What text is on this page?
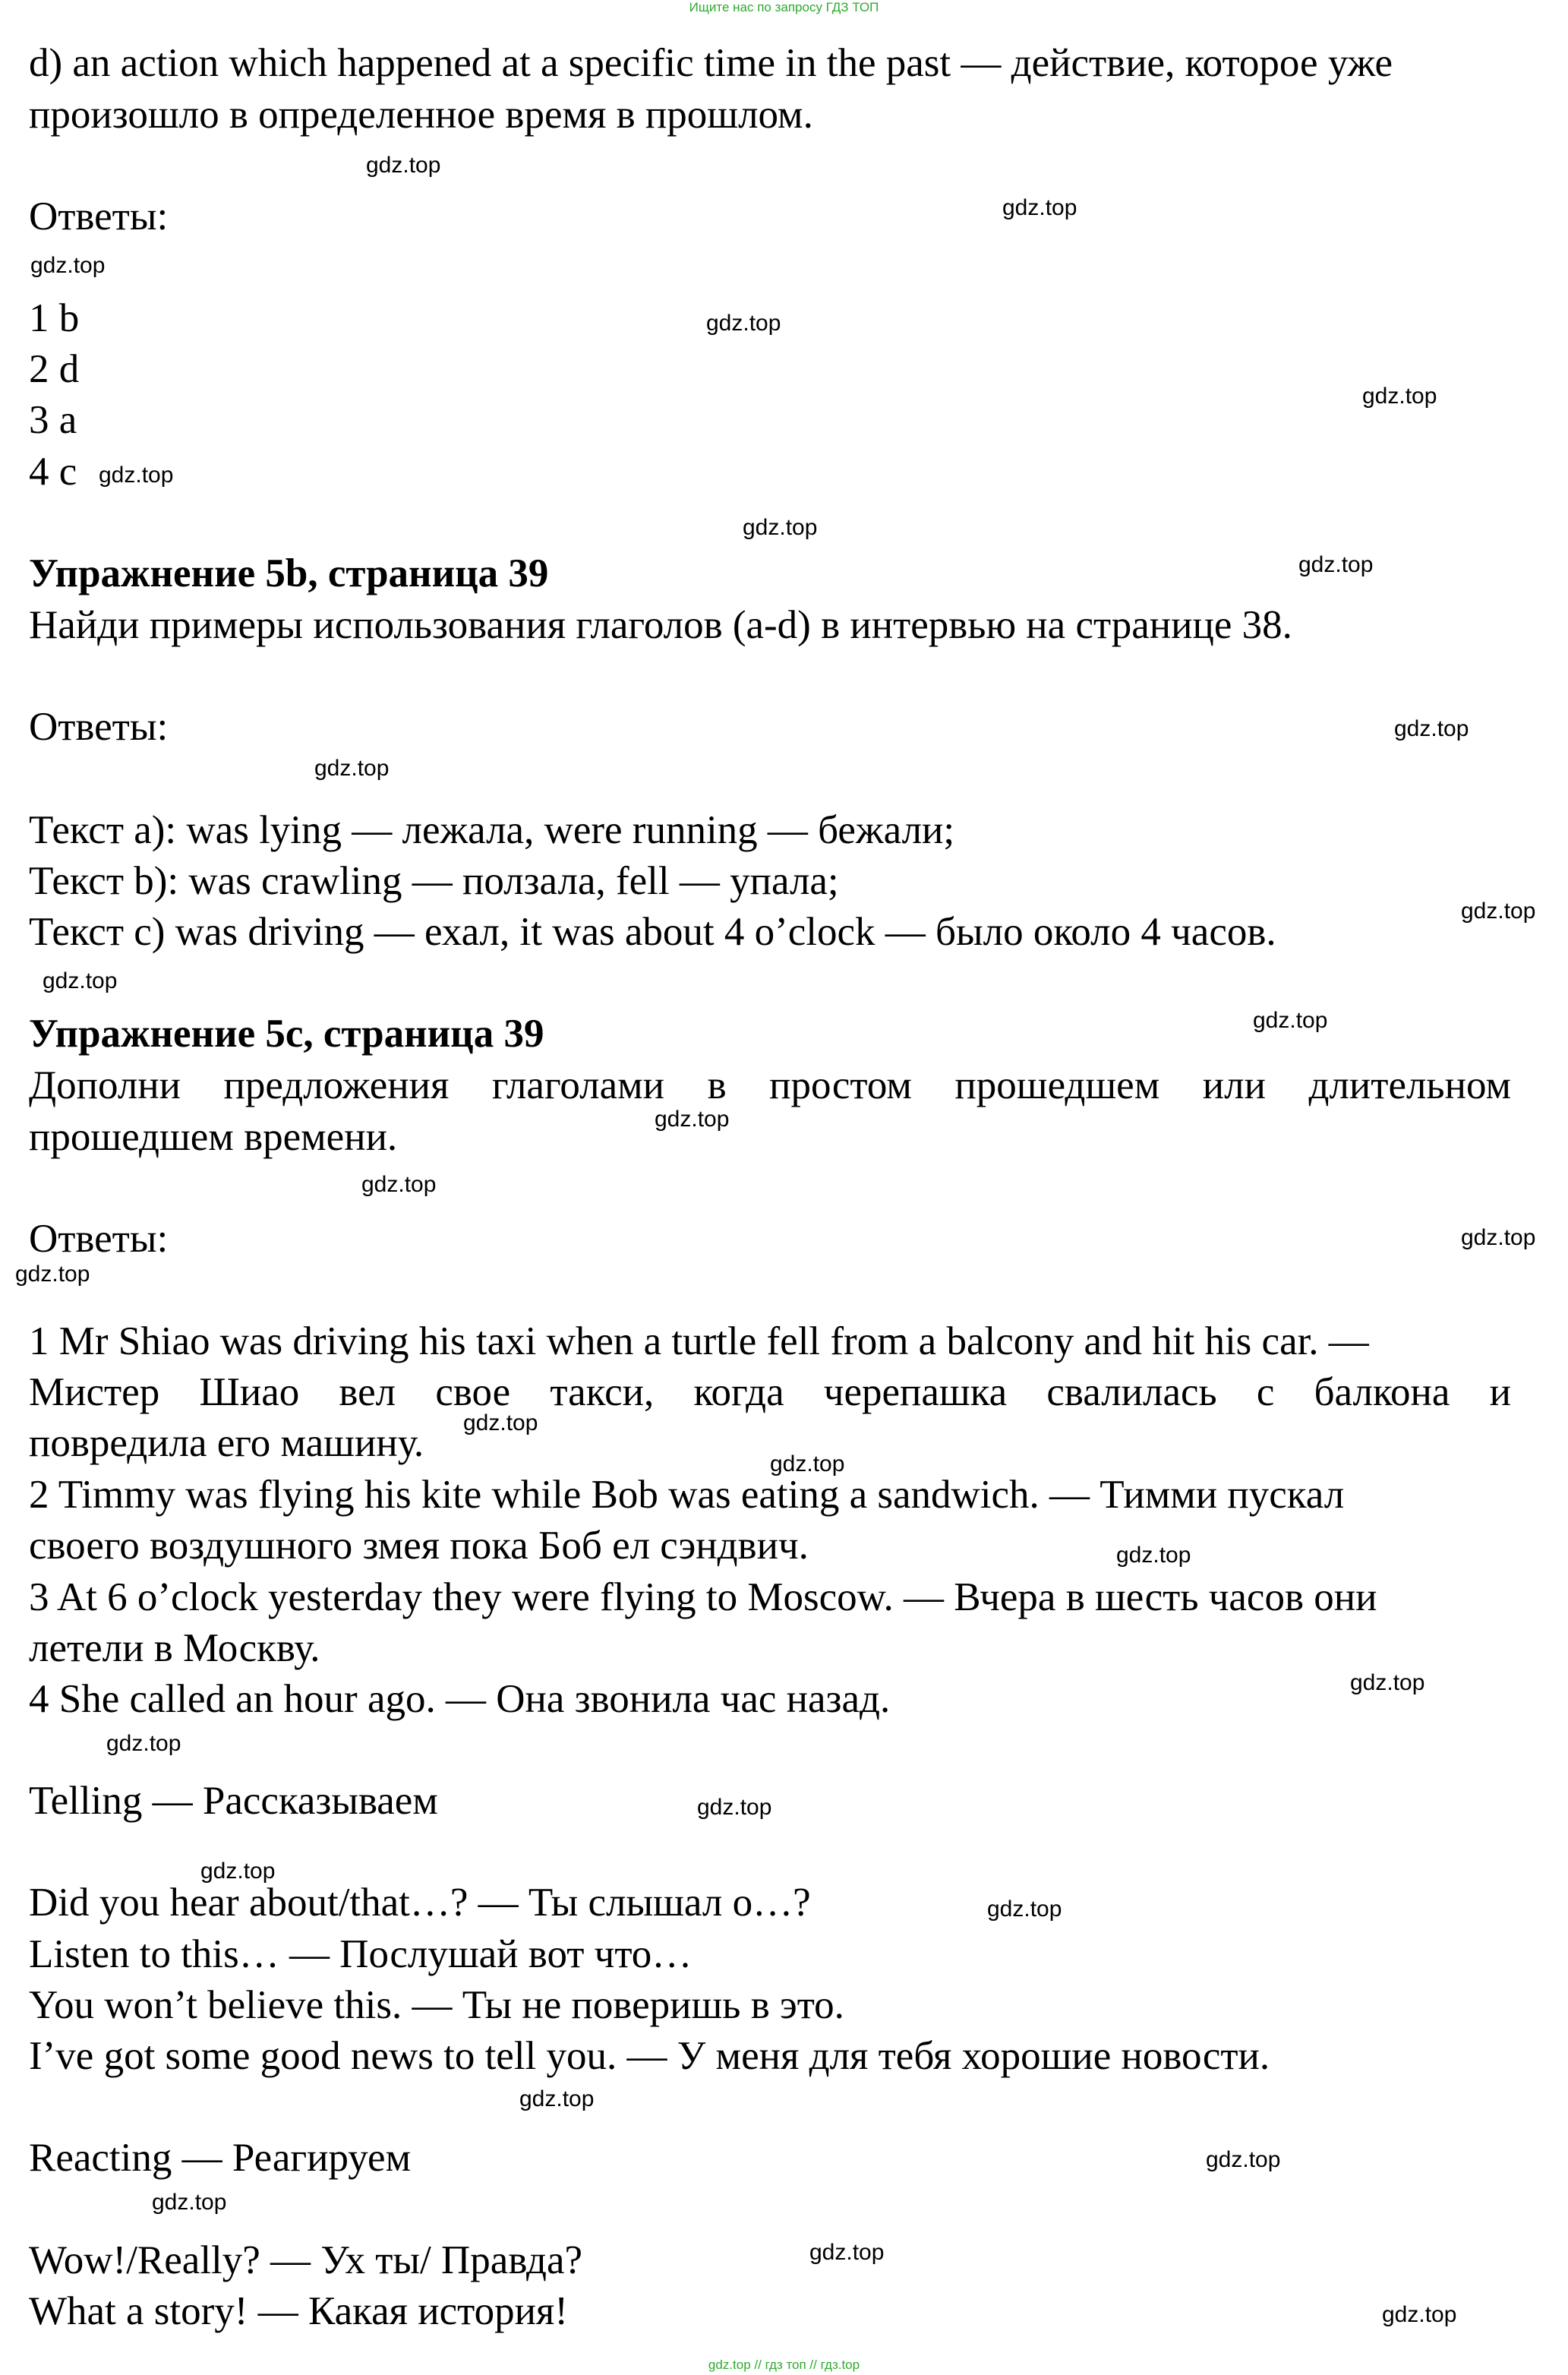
Ищите нас по запросу ГДЗ ТОП
d) an action which happened at a specific time in the past — действие, которое уже
произошло в определенное время в прошлом.
Ответы:
1 b
2 d
3 a
4 c
Упражнение 5b, страница 39
Найди примеры использования глаголов (a-d) в интервью на странице 38.
Ответы:
Текст a): was lying — лежала, were running — бежали;
Текст b): was crawling — ползала, fell — упала;
Текст c) was driving — ехал, it was about 4 o’clock — было около 4 часов.
Упражнение 5c, страница 39
Дополни предложения глаголами в простом прошедшем или длительном
прошедшем времени.
Ответы:
1 Mr Shiao was driving his taxi when a turtle fell from a balcony and hit his car. —
Мистер Шиао вел свое такси, когда черепашка свалилась с балкона и
повредила его машину.
2 Timmy was flying his kite while Bob was eating a sandwich. — Тимми пускал
своего воздушного змея пока Боб ел сэндвич.
3 At 6 o’clock yesterday they were flying to Moscow. — Вчера в шесть часов они
летели в Москву.
4 She called an hour ago. — Она звонила час назад.
Telling — Рассказываем
Did you hear about/that…? — Ты слышал о…?
Listen to this… — Послушай вот что…
You won’t believe this. — Ты не поверишь в это.
I’ve got some good news to tell you. — У меня для тебя хорошие новости.
Reacting — Реагируем
Wow!/Really? — Ух ты/ Правда?
What a story! — Какая история!
gdz.top
gdz.top
gdz.top
gdz.top
gdz.top
gdz.top
gdz.top
gdz.top
gdz.top
gdz.top
gdz.top
gdz.top
gdz.top
gdz.top
gdz.top
gdz.top
gdz.top
gdz.top
gdz.top
gdz.top
gdz.top
gdz.top
gdz.top
gdz.top
gdz.top
gdz.top
gdz.top
gdz.top
gdz.top
gdz.top
gdz.top // гдз топ // гдз.top
